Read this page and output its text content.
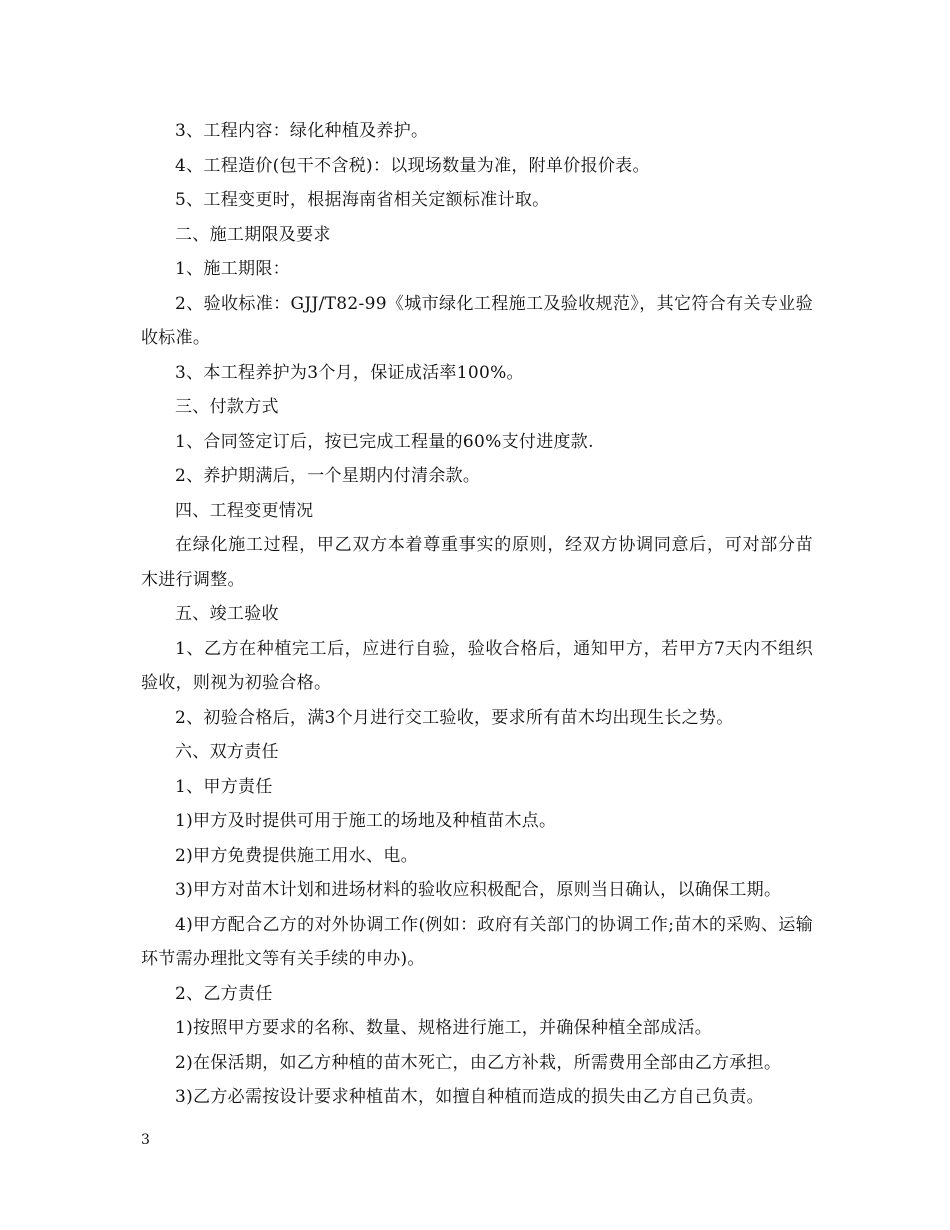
3、工程内容：绿化种植及养护。

4、工程造价(包干不含税)：以现场数量为准，附单价报价表。

5、工程变更时，根据海南省相关定额标准计取。

二、施工期限及要求

1、施工期限：

2、验收标准：GJJ/T82-99《城市绿化工程施工及验收规范》，其它符合有关专业验收标准。

3、本工程养护为3个月，保证成活率100%。

三、付款方式

1、合同签定订后，按已完成工程量的60%支付进度款.

2、养护期满后，一个星期内付清余款。

四、工程变更情况

在绿化施工过程，甲乙双方本着尊重事实的原则，经双方协调同意后，可对部分苗木进行调整。

五、竣工验收

1、乙方在种植完工后，应进行自验，验收合格后，通知甲方，若甲方7天内不组织验收，则视为初验合格。

2、初验合格后，满3个月进行交工验收，要求所有苗木均出现生长之势。

六、双方责任

1、甲方责任

1)甲方及时提供可用于施工的场地及种植苗木点。

2)甲方免费提供施工用水、电。

3)甲方对苗木计划和进场材料的验收应积极配合，原则当日确认，以确保工期。

4)甲方配合乙方的对外协调工作(例如：政府有关部门的协调工作;苗木的采购、运输环节需办理批文等有关手续的申办)。

2、乙方责任

1)按照甲方要求的名称、数量、规格进行施工，并确保种植全部成活。

2)在保活期，如乙方种植的苗木死亡，由乙方补栽，所需费用全部由乙方承担。

3)乙方必需按设计要求种植苗木，如擅自种植而造成的损失由乙方自己负责。

3
